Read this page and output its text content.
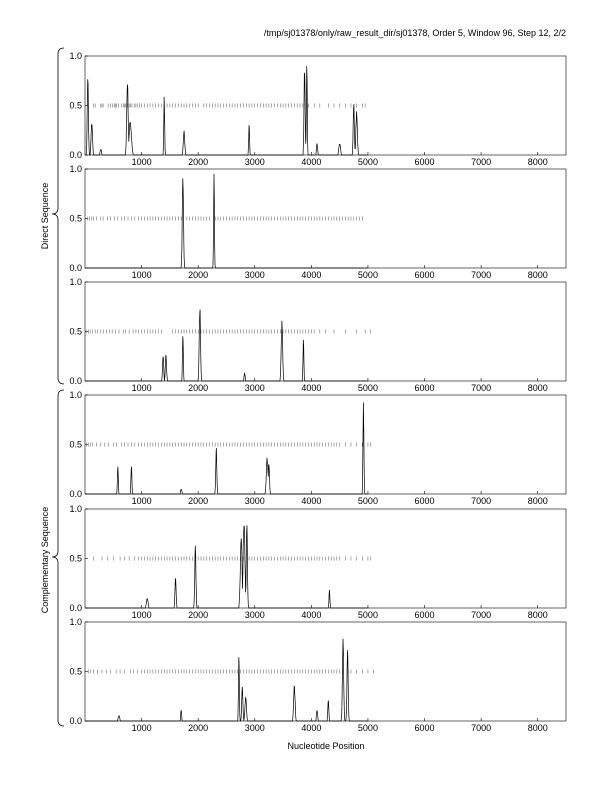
/tmp/sj01378/only/raw_result_dir/sj01378, Order 5, Window 96, Step 12, 2/2
0.0
0.5
1.0
1000	2000	3000	4000	5000	6000	7000	8000
0.0
0.5
1.0
1000	2000	3000	4000	5000	6000	7000	8000
0.0
0.5
1.0
1000	2000	3000	4000	5000	6000	7000	8000
0.0
0.5
1.0
1000	2000	3000	4000	5000	6000	7000	8000
0.0
0.5
1.0
1000	2000	3000	4000	5000	6000	7000	8000
0.0
0.5
1.0
1000	2000	3000	4000	5000	6000	7000	8000
Direct Sequence
Complementary Sequence
Nucleotide Position
